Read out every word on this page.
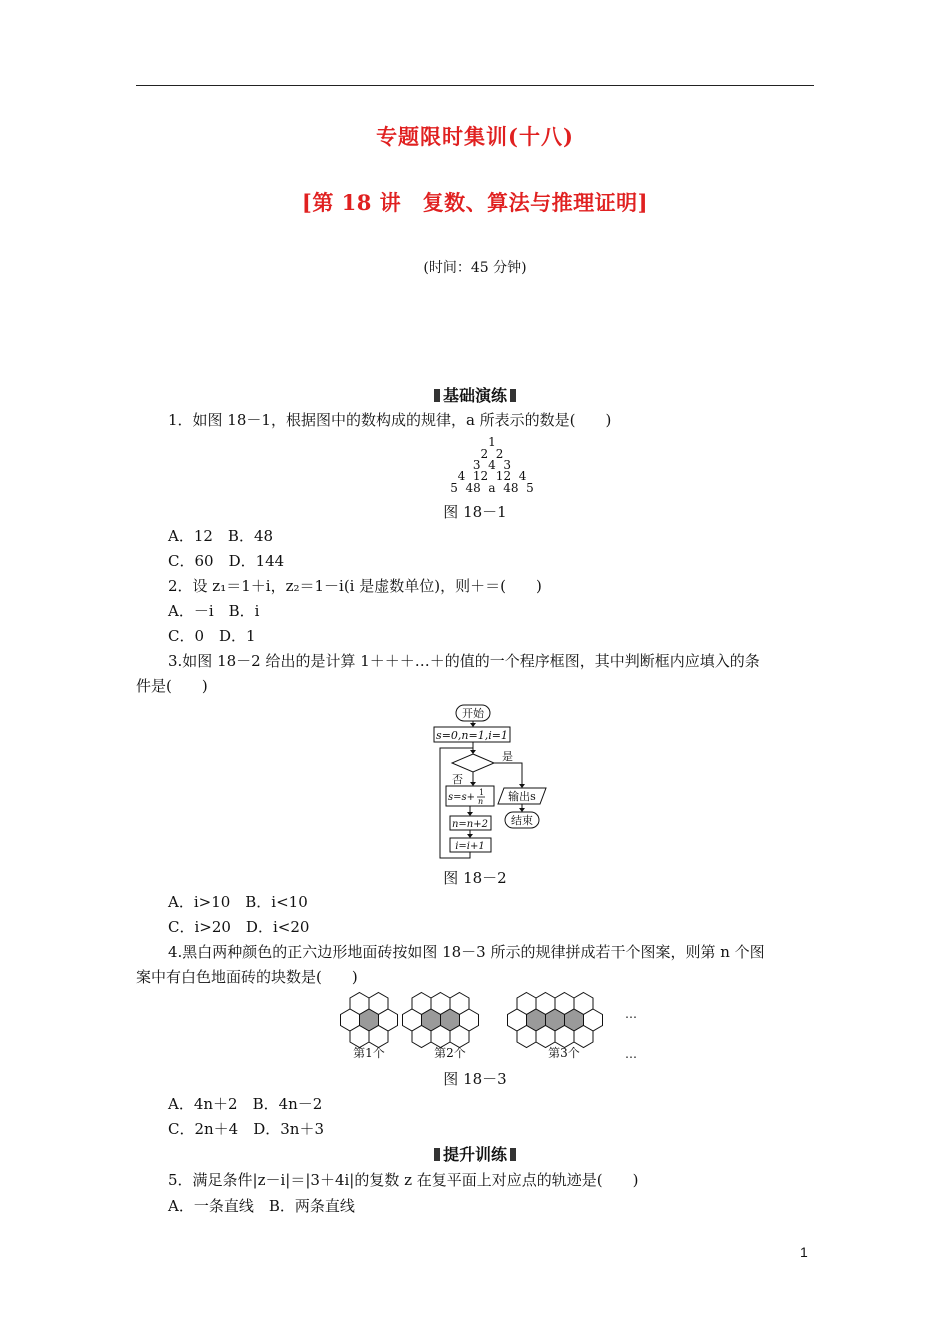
专题限时集训(十八)
[第 18 讲　复数、算法与推理证明]
(时间：45 分钟)
基础演练
1．如图 18－1，根据图中的数构成的规律，a 所表示的数是(　　)
1
2  2
3  4  3
4  12  12  4
5  48  a  48  5
图 18－1
A．12　B．48
C．60　D．144
2．设 z₁＝1＋i，z₂＝1－i(i 是虚数单位)，则＋＝(　　)
A．－i　B．i
C．0　D．1
3.如图 18－2 给出的是计算 1＋＋＋…＋的值的一个程序框图，其中判断框内应填入的条
件是(　　)
开始
s=0,n=1,i=1
是
否
s=s+ 1
n
n=n+2
i=i+1
输出s
结束
图 18－2
A．i>10　B．i<10
C．i>20　D．i<20
4.黑白两种颜色的正六边形地面砖按如图 18－3 所示的规律拼成若干个图案，则第 n 个图
案中有白色地面砖的块数是(　　)
第1个	第2个	第3个
…
…
图 18－3
A．4n＋2　B．4n－2
C．2n＋4　D．3n＋3
提升训练
5．满足条件|z－i|＝|3＋4i|的复数 z 在复平面上对应点的轨迹是(　　)
A．一条直线　B．两条直线
1
